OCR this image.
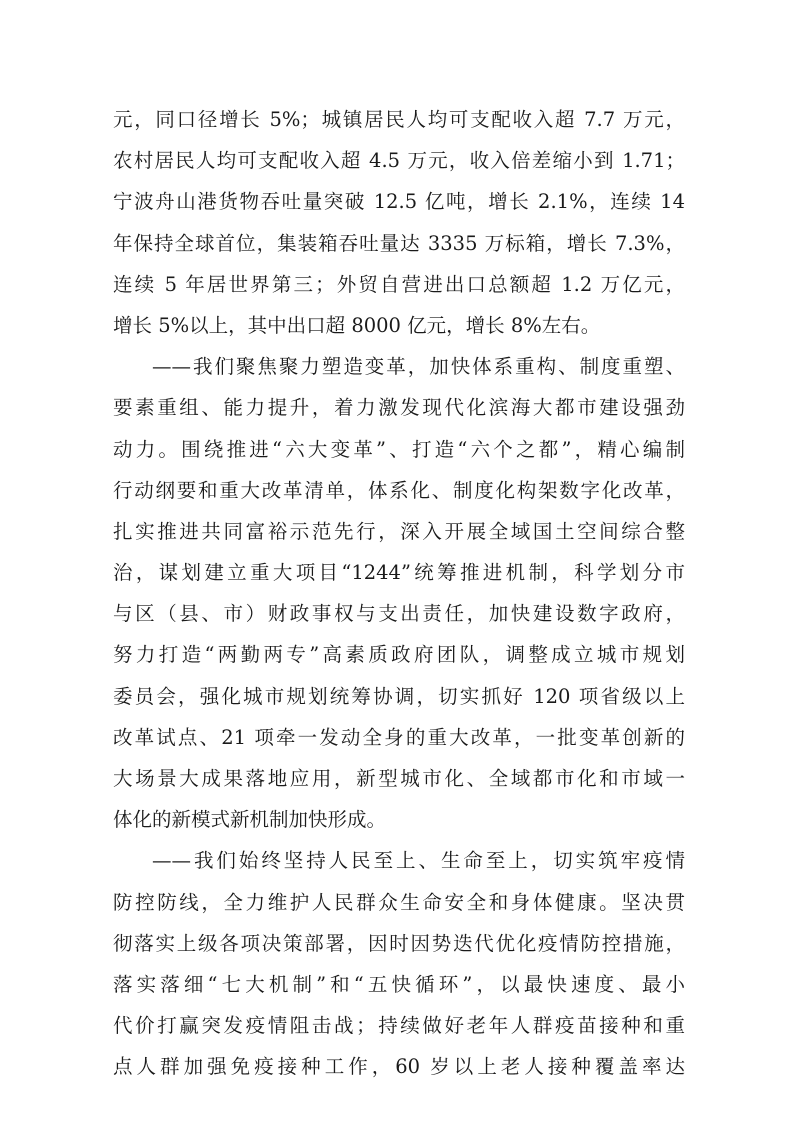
元，同口径增长 5%；城镇居民人均可支配收入超 7.7 万元，
农村居民人均可支配收入超 4.5 万元，收入倍差缩小到 1.71；
宁波舟山港货物吞吐量突破 12.5 亿吨，增长 2.1%，连续 14
年保持全球首位，集装箱吞吐量达 3335 万标箱，增长 7.3%，
连续 5 年居世界第三；外贸自营进出口总额超 1.2 万亿元，
增长 5%以上，其中出口超 8000 亿元，增长 8%左右。
——我们聚焦聚力塑造变革，加快体系重构、制度重塑、
要素重组、能力提升，着力激发现代化滨海大都市建设强劲
动力。围绕推进“六大变革”、打造“六个之都”，精心编制
行动纲要和重大改革清单，体系化、制度化构架数字化改革，
扎实推进共同富裕示范先行，深入开展全域国土空间综合整
治，谋划建立重大项目“1244”统筹推进机制，科学划分市
与区（县、市）财政事权与支出责任，加快建设数字政府，
努力打造“两勤两专”高素质政府团队，调整成立城市规划
委员会，强化城市规划统筹协调，切实抓好 120 项省级以上
改革试点、21 项牵一发动全身的重大改革，一批变革创新的
大场景大成果落地应用，新型城市化、全域都市化和市域一
体化的新模式新机制加快形成。
——我们始终坚持人民至上、生命至上，切实筑牢疫情
防控防线，全力维护人民群众生命安全和身体健康。坚决贯
彻落实上级各项决策部署，因时因势迭代优化疫情防控措施，
落实落细“七大机制”和“五快循环”，以最快速度、最小
代价打赢突发疫情阻击战；持续做好老年人群疫苗接种和重
点人群加强免疫接种工作，60 岁以上老人接种覆盖率达
